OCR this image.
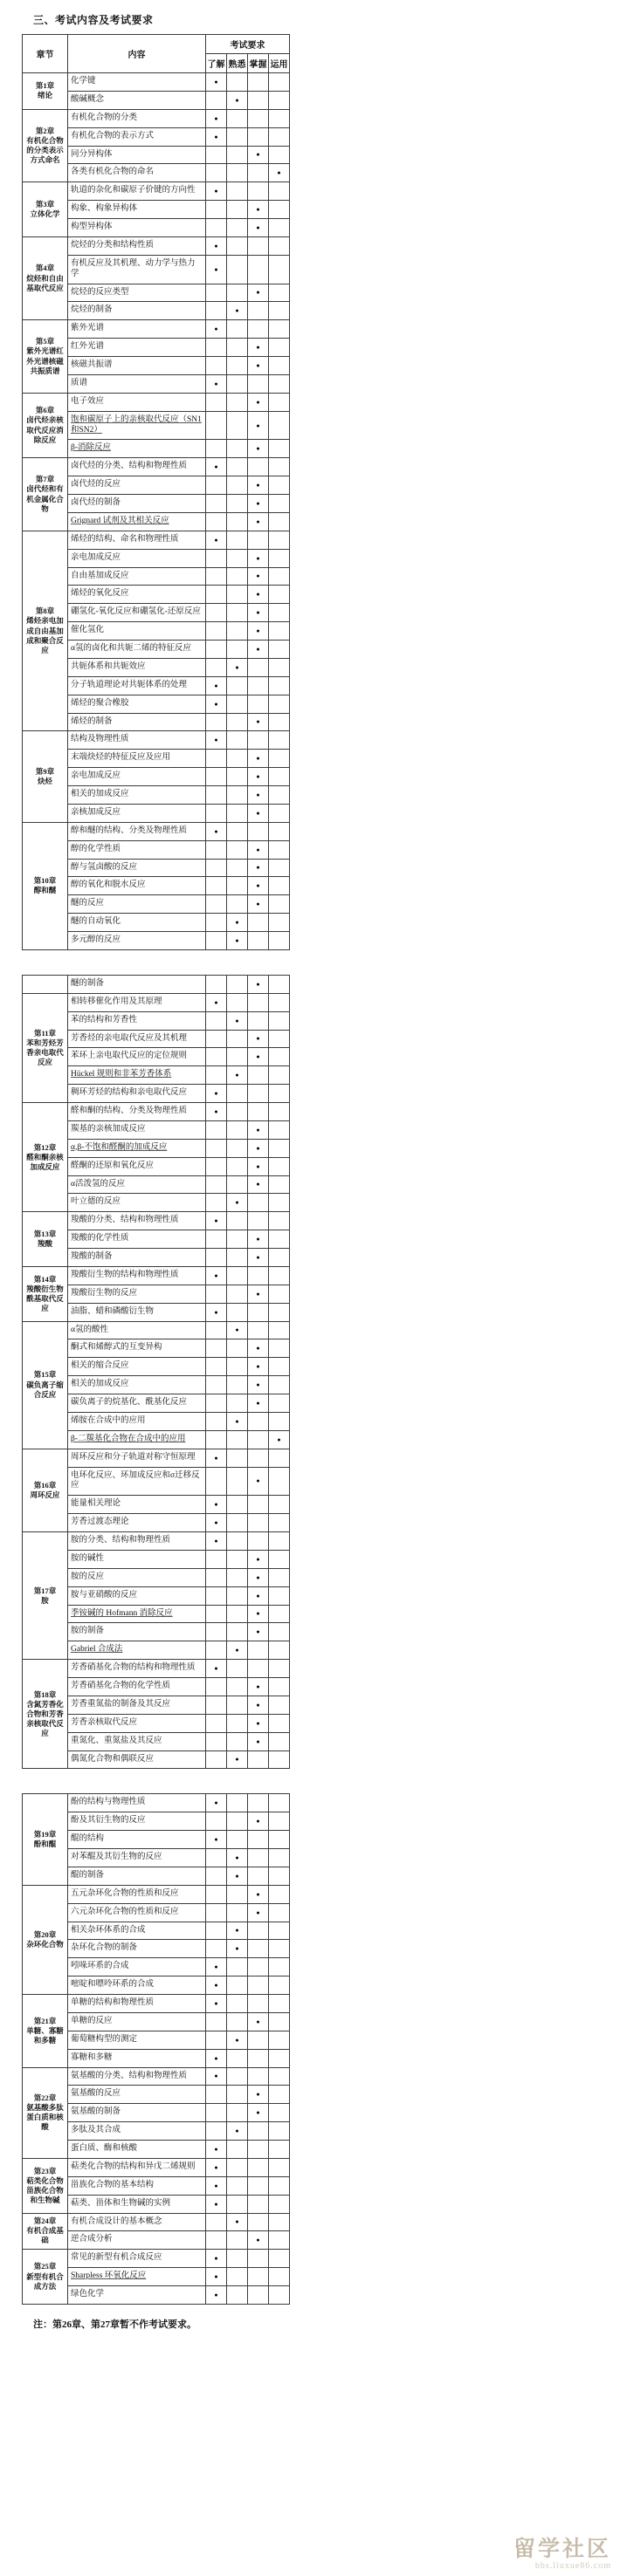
三、考试内容及考试要求
章节	内容	考试要求			
		了解	熟悉	掌握	运用

第1章
绪论	化学键	●			
	酸碱概念		●		

第2章
有机化合物的分类表示方式命名	有机化合物的分类	●			
	有机化合物的表示方式	●			
	同分异构体			●	
	各类有机化合物的命名				●

第3章
立体化学	轨道的杂化和碳原子价键的方向性	●			
	构象、构象异构体			●	
	构型异构体			●	

第4章
烷烃和自由基取代反应	烷烃的分类和结构性质	●			
	有机反应及其机理、动力学与热力学	●			
	烷烃的反应类型			●	
	烷烃的制备		●		

第5章
紫外光谱红外光谱核磁共振质谱	紫外光谱	●			
	红外光谱			●	
	核磁共振谱			●	
	质谱	●			

第6章
卤代烃亲核取代反应消除反应	电子效应			●	
	饱和碳原子上的亲核取代反应（SN1和SN2）			●	
	β-消除反应			●	

第7章
卤代烃和有机金属化合物	卤代烃的分类、结构和物理性质	●			
	卤代烃的反应			●	
	卤代烃的制备			●	
	Grignard 试剂及其相关反应			●	

第8章
烯烃亲电加成自由基加成和聚合反应	烯烃的结构、命名和物理性质	●			
	亲电加成反应			●	
	自由基加成反应			●	
	烯烃的氧化反应			●	
	硼氢化-氧化反应和硼氢化-还原反应			●	
	催化氢化			●	
	α氢的卤化和共轭二烯的特征反应			●	
	共轭体系和共轭效应		●		
	分子轨道理论对共轭体系的处理	●			
	烯烃的聚合橡胶	●			
	烯烃的制备			●	

第9章
炔烃	结构及物理性质	●			
	末端炔烃的特征反应及应用			●	
	亲电加成反应			●	
	相关的加成反应			●	
	亲核加成反应			●	

第10章
醇和醚	醇和醚的结构、分类及物理性质	●			
	醇的化学性质			●	
	醇与氢卤酸的反应			●	
	醇的氧化和脱水反应			●	
	醚的反应			●	
	醚的自动氧化		●		
	多元醇的反应		●		
	醚的制备			●	

第11章
苯和芳烃芳香亲电取代反应	相转移催化作用及其原理	●			
	苯的结构和芳香性		●		
	芳香烃的亲电取代反应及其机理			●	
	苯环上亲电取代反应的定位规则			●	
	Hückel 规则和非苯芳香体系		●		
	稠环芳烃的结构和亲电取代反应	●			

第12章
醛和酮亲核加成反应	醛和酮的结构、分类及物理性质	●			
	羰基的亲核加成反应			●	
	α,β-不饱和醛酮的加成反应			●	
	醛酮的还原和氧化反应			●	
	α活泼氢的反应			●	
	叶立德的反应		●		

第13章
羧酸	羧酸的分类、结构和物理性质	●			
	羧酸的化学性质			●	
	羧酸的制备			●	

第14章
羧酸衍生物酰基取代反应	羧酸衍生物的结构和物理性质	●			
	羧酸衍生物的反应			●	
	油脂、蜡和磷酸衍生物	●			

第15章
碳负离子缩合反应	α氢的酸性		●		
	酮式和烯醇式的互变异构			●	
	相关的缩合反应			●	
	相关的加成反应			●	
	碳负离子的烷基化、酰基化反应			●	
	烯胺在合成中的应用		●		
	β-二羰基化合物在合成中的应用				●

第16章
周环反应	周环反应和分子轨道对称守恒原理	●			
	电环化反应、环加成反应和σ迁移反应			●	
	能量相关理论	●			
	芳香过渡态理论	●			

第17章
胺	胺的分类、结构和物理性质	●			
	胺的碱性			●	
	胺的反应			●	
	胺与亚硝酸的反应			●	
	季铵碱的 Hofmann 消除反应			●	
	胺的制备			●	
	Gabriel 合成法		●		

第18章
含氮芳香化合物和芳香亲核取代反应	芳香硝基化合物的结构和物理性质	●			
	芳香硝基化合物的化学性质			●	
	芳香重氮盐的制备及其反应			●	
	芳香亲核取代反应			●	
	重氮化、重氮盐及其反应			●	
	偶氮化合物和偶联反应		●		
第19章
酚和醌	酚的结构与物理性质	●			
	酚及其衍生物的反应			●	
	醌的结构	●			
	对苯醌及其衍生物的反应		●		
	醌的制备		●		

第20章
杂环化合物	五元杂环化合物的性质和反应			●	
	六元杂环化合物的性质和反应			●	
	相关杂环体系的合成		●		
	杂环化合物的制备		●		
	吲哚环系的合成	●			
	嘧啶和嘌呤环系的合成	●			

第21章
单糖、寡糖和多糖	单糖的结构和物理性质	●			
	单糖的反应			●	
	葡萄糖构型的测定		●		
	寡糖和多糖	●			

第22章
氨基酸多肽蛋白质和核酸	氨基酸的分类、结构和物理性质	●			
	氨基酸的反应			●	
	氨基酸的制备			●	
	多肽及其合成		●		
	蛋白质、酶和核酸	●			

第23章
萜类化合物甾族化合物和生物碱	萜类化合物的结构和异戊二烯规则	●			
	甾族化合物的基本结构	●			
	萜类、甾体和生物碱的实例	●			

第24章
有机合成基础	有机合成设计的基本概念		●		
	逆合成分析			●	

第25章
新型有机合成方法	常见的新型有机合成反应	●			
	Sharpless 环氧化反应	●			
	绿色化学	●			
注：第26章、第27章暂不作考试要求。
留学社区
bbs.liuxue86.com
